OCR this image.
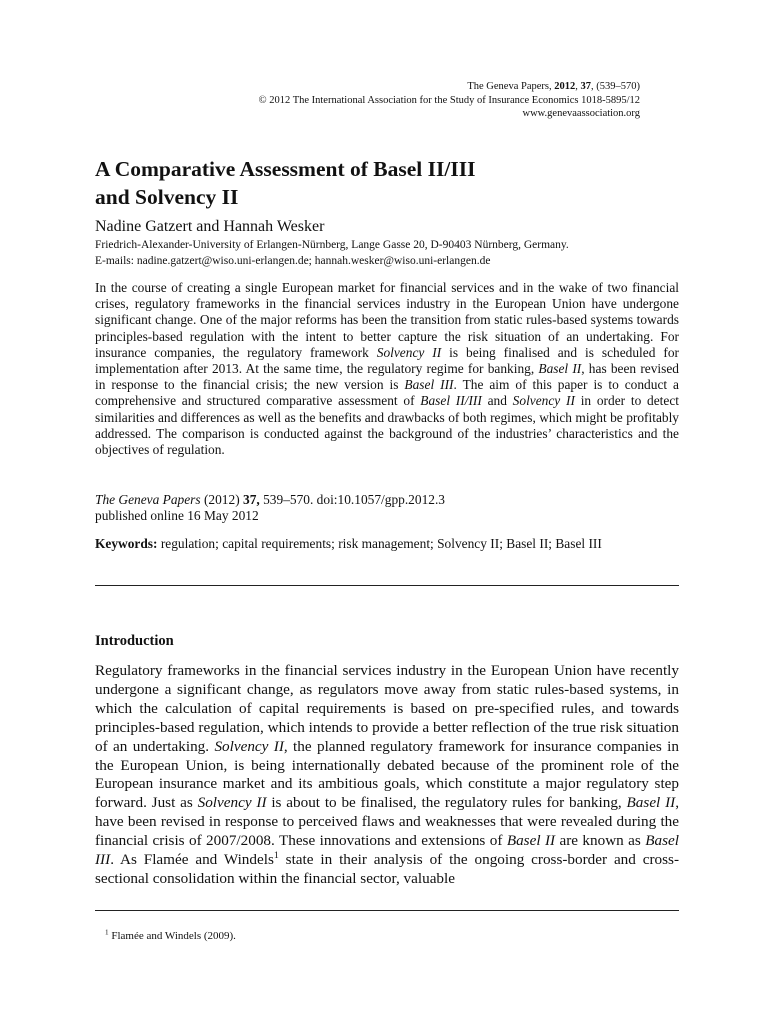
The Geneva Papers, 2012, 37, (539–570)
© 2012 The International Association for the Study of Insurance Economics 1018-5895/12
www.genevaassociation.org
A Comparative Assessment of Basel II/III
and Solvency II
Nadine Gatzert and Hannah Wesker
Friedrich-Alexander-University of Erlangen-Nürnberg, Lange Gasse 20, D-90403 Nürnberg, Germany.
E-mails: nadine.gatzert@wiso.uni-erlangen.de; hannah.wesker@wiso.uni-erlangen.de

In the course of creating a single European market for financial services and in the wake of two financial crises, regulatory frameworks in the financial services industry in the European Union have undergone significant change. One of the major reforms has been the transition from static rules-based systems towards principles-based regulation with the intent to better capture the risk situation of an undertaking. For insurance companies, the regulatory framework Solvency II is being finalised and is scheduled for implementation after 2013. At the same time, the regulatory regime for banking, Basel II, has been revised in response to the financial crisis; the new version is Basel III. The aim of this paper is to conduct a comprehensive and structured comparative assessment of Basel II/III and Solvency II in order to detect similarities and differences as well as the benefits and drawbacks of both regimes, which might be profitably addressed. The comparison is conducted against the background of the industries’ characteristics and the objectives of regulation.

The Geneva Papers (2012) 37, 539–570. doi:10.1057/gpp.2012.3
published online 16 May 2012

Keywords: regulation; capital requirements; risk management; Solvency II; Basel II; Basel III

Introduction

Regulatory frameworks in the financial services industry in the European Union have recently undergone a significant change, as regulators move away from static rules-based systems, in which the calculation of capital requirements is based on pre-specified rules, and towards principles-based regulation, which intends to provide a better reflection of the true risk situation of an undertaking. Solvency II, the planned regulatory framework for insurance companies in the European Union, is being internationally debated because of the prominent role of the European insurance market and its ambitious goals, which constitute a major regulatory step forward. Just as Solvency II is about to be finalised, the regulatory rules for banking, Basel II, have been revised in response to perceived flaws and weaknesses that were revealed during the financial crisis of 2007/2008. These innovations and extensions of Basel II are known as Basel III. As Flamée and Windels$^1$ state in their analysis of the ongoing cross-border and cross-sectional consolidation within the financial sector, valuable

$^1$ Flamée and Windels (2009).
